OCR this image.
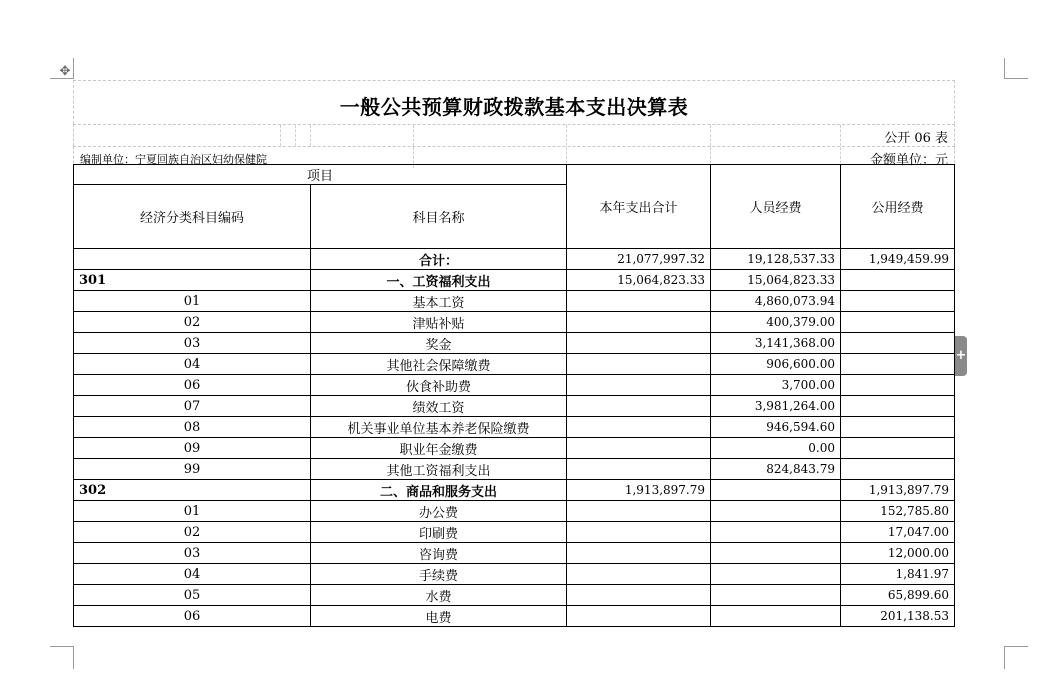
✥
+
一般公共预算财政拨款基本支出决算表
公开 06 表
编制单位：宁夏回族自治区妇幼保健院	金额单位：元
项目		本年支出合计	人员经费	公用经费
经济分类科目编码	科目名称			
	合计：	21,077,997.32	19,128,537.33	1,949,459.99
301	一、工资福利支出	15,064,823.33	15,064,823.33	
01	基本工资		4,860,073.94	
02	津贴补贴		400,379.00	
03	奖金		3,141,368.00	
04	其他社会保障缴费		906,600.00	
06	伙食补助费		3,700.00	
07	绩效工资		3,981,264.00	
08	机关事业单位基本养老保险缴费		946,594.60	
09	职业年金缴费		0.00	
99	其他工资福利支出		824,843.79	
302	二、商品和服务支出	1,913,897.79		1,913,897.79
01	办公费			152,785.80
02	印刷费			17,047.00
03	咨询费			12,000.00
04	手续费			1,841.97
05	水费			65,899.60
06	电费			201,138.53
